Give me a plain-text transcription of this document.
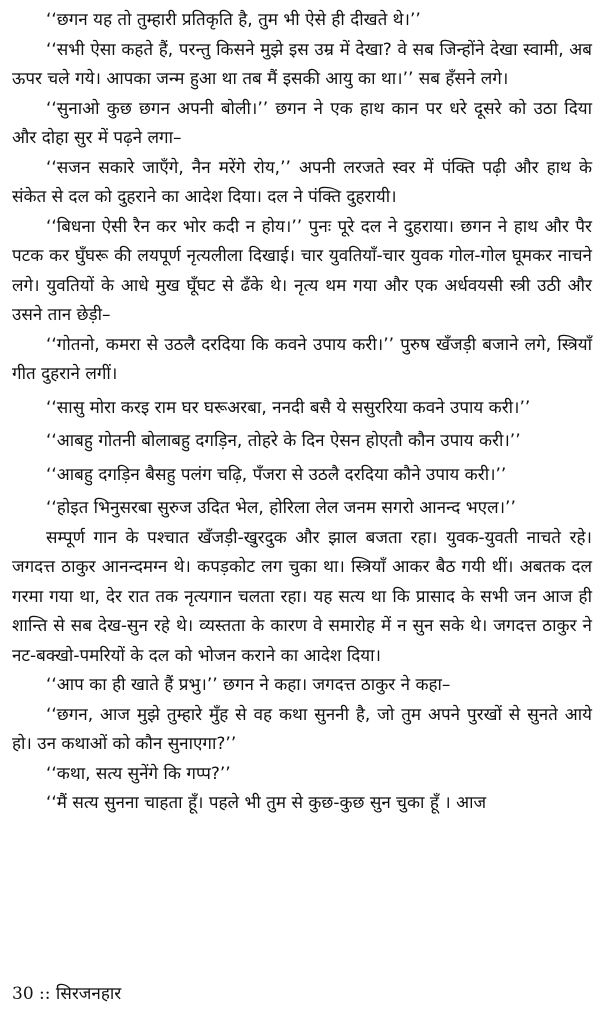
‘‘छगन यह तो तुम्हारी प्रतिकृति है, तुम भी ऐसे ही दीखते थे।’’

‘‘सभी ऐसा कहते हैं, परन्तु किसने मुझे इस उम्र में देखा? वे सब जिन्होंने देखा स्वामी, अब ऊपर चले गये। आपका जन्म हुआ था तब मैं इसकी आयु का था।’’ सब हँसने लगे।

‘‘सुनाओ कुछ छगन अपनी बोली।’’ छगन ने एक हाथ कान पर धरे दूसरे को उठा दिया और दोहा सुर में पढ़ने लगा–

‘‘सजन सकारे जाएँगे, नैन मरेंगे रोय,’’ अपनी लरजते स्वर में पंक्ति पढ़ी और हाथ के संकेत से दल को दुहराने का आदेश दिया। दल ने पंक्ति दुहरायी।

‘‘बिधना ऐसी रैन कर भोर कदी न होय।’’ पुनः पूरे दल ने दुहराया। छगन ने हाथ और पैर पटक कर घुँघरू की लयपूर्ण नृत्यलीला दिखाई। चार युवतियाँ-चार युवक गोल-गोल घूमकर नाचने लगे। युवतियों के आधे मुख घूँघट से ढँके थे। नृत्य थम गया और एक अर्धवयसी स्त्री उठी और उसने तान छेड़ी–

‘‘गोतनो, कमरा से उठलै दरदिया कि कवने उपाय करी।’’ पुरुष खँजड़ी बजाने लगे, स्त्रियाँ गीत दुहराने लगीं।

‘‘सासु मोरा करइ राम घर घरूअरबा, ननदी बसै ये ससुररिया कवने उपाय करी।’’

‘‘आबहु गोतनी बोलाबहु दगड़िन, तोहरे के दिन ऐसन होएतौ कौन उपाय करी।’’

‘‘आबहु दगड़िन बैसहु पलंग चढ़ि, पँजरा से उठलै दरदिया कौने उपाय करी।’’

‘‘होइत भिनुसरबा सुरुज उदित भेल, होरिला लेल जनम सगरो आनन्द भएल।’’

सम्पूर्ण गान के पश्चात खँजड़ी-खुरदुक और झाल बजता रहा। युवक-युवती नाचते रहे। जगदत्त ठाकुर आनन्दमग्न थे। कपड़कोट लग चुका था। स्त्रियाँ आकर बैठ गयी थीं। अबतक दल गरमा गया था, देर रात तक नृत्यगान चलता रहा। यह सत्य था कि प्रासाद के सभी जन आज ही शान्ति से सब देख-सुन रहे थे। व्यस्तता के कारण वे समारोह में न सुन सके थे। जगदत्त ठाकुर ने नट-बक्खो-पमरियों के दल को भोजन कराने का आदेश दिया।

‘‘आप का ही खाते हैं प्रभु।’’ छगन ने कहा। जगदत्त ठाकुर ने कहा–

‘‘छगन, आज मुझे तुम्हारे मुँह से वह कथा सुननी है, जो तुम अपने पुरखों से सुनते आये हो। उन कथाओं को कौन सुनाएगा?’’

‘‘कथा, सत्य सुनेंगे कि गप्प?’’

‘‘मैं सत्य सुनना चाहता हूँ। पहले भी तुम से कुछ-कुछ सुन चुका हूँ । आज

30 :: सिरजनहार
